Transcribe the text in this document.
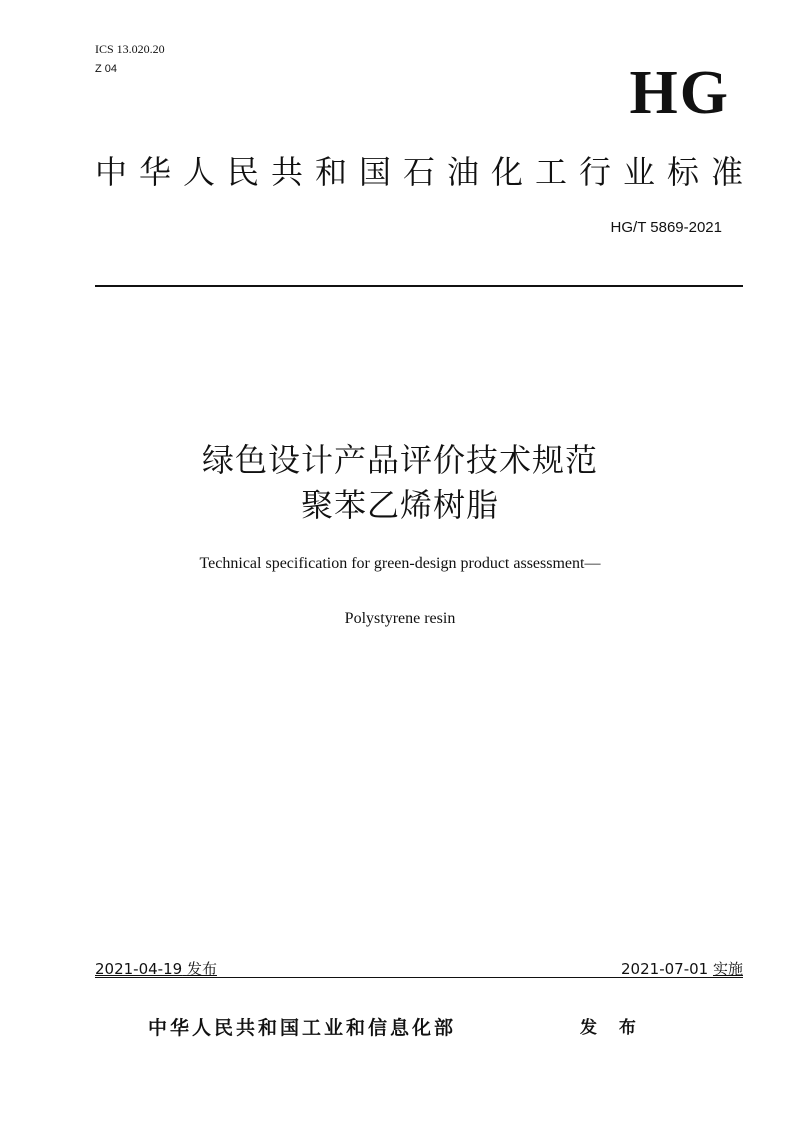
ICS 13.020.20
Z 04	HG
中华人民共和国石油化工行业标准
HG/T 5869-2021
绿色设计产品评价技术规范
聚苯乙烯树脂
Technical specification for green-design product assessment—
Polystyrene resin
2021-04-19 发布	2021-07-01 实施
中华人民共和国工业和信息化部	发 布
